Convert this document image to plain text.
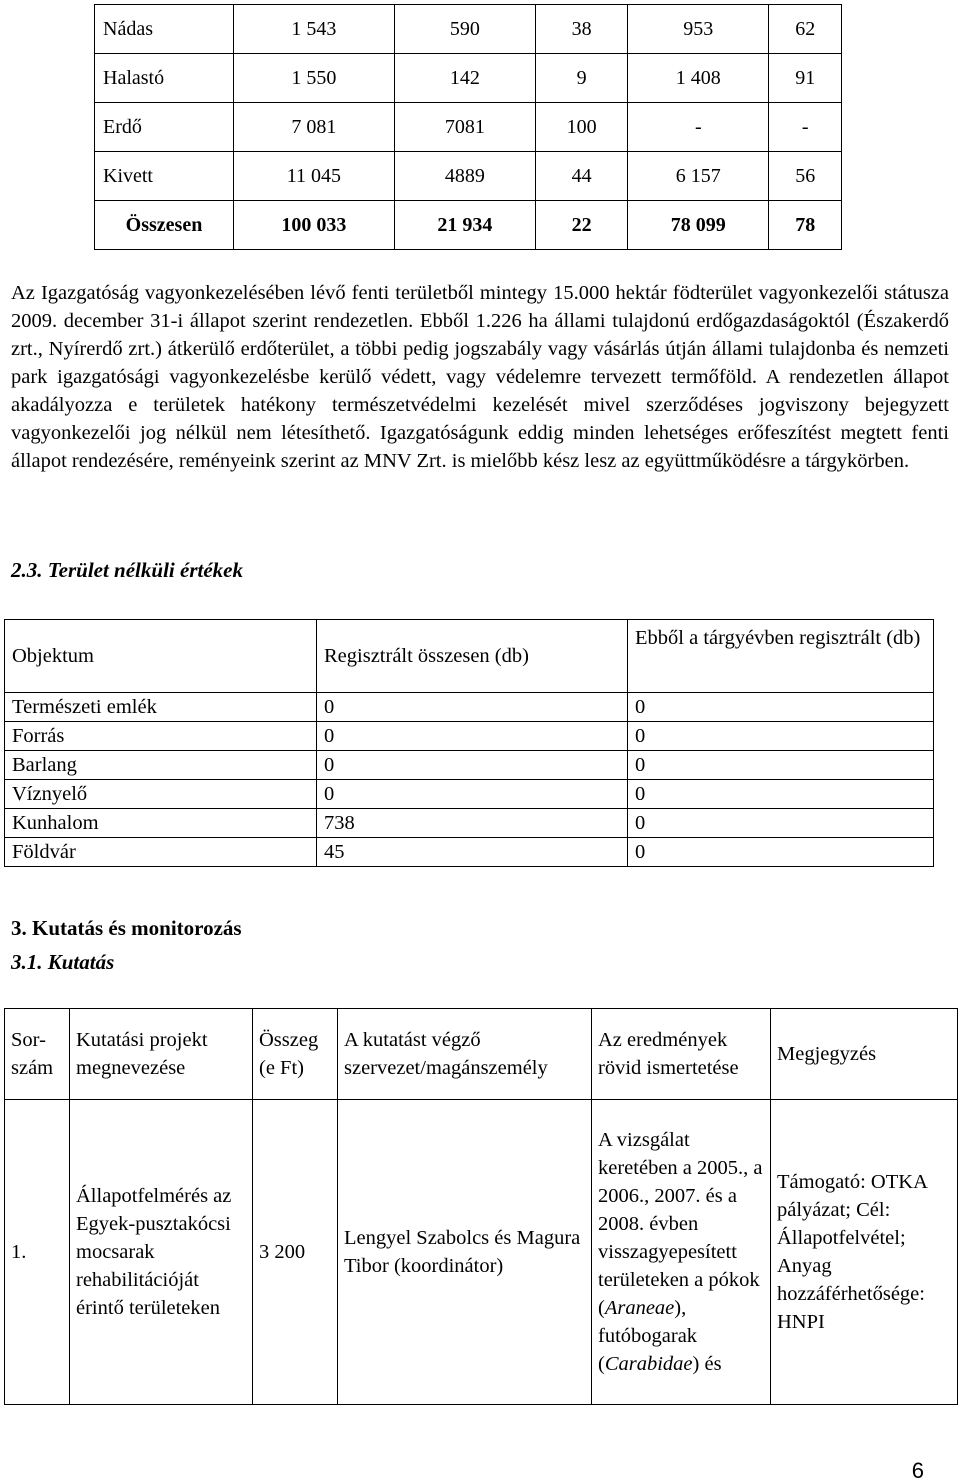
Nádas	1 543	590	38	953	62
Halastó	1 550	142	9	1 408	91
Erdő	7 081	7081	100	-	-
Kivett	11 045	4889	44	6 157	56
Összesen	100 033	21 934	22	78 099	78

Az Igazgatóság vagyonkezelésében lévő fenti területből mintegy 15.000 hektár födterület vagyonkezelői státusza 2009. december 31-i állapot szerint rendezetlen. Ebből 1.226 ha állami tulajdonú erdőgazdaságoktól (Északerdő zrt., Nyírerdő zrt.) átkerülő erdőterület, a többi pedig jogszabály vagy vásárlás útján állami tulajdonba és nemzeti park igazgatósági vagyonkezelésbe kerülő védett, vagy védelemre tervezett termőföld. A rendezetlen állapot akadályozza e területek hatékony természetvédelmi kezelését mivel szerződéses jogviszony bejegyzett vagyonkezelői jog nélkül nem létesíthető. Igazgatóságunk eddig minden lehetséges erőfeszítést megtett fenti állapot rendezésére, reményeink szerint az MNV Zrt. is mielőbb kész lesz az együttműködésre a tárgykörben.

2.3. Terület nélküli értékek
Objektum	Regisztrált összesen (db)	Ebből a tárgyévben regisztrált (db)
Természeti emlék	0	0
Forrás	0	0
Barlang	0	0
Víznyelő	0	0
Kunhalom	738	0
Földvár	45	0
3. Kutatás és monitorozás
3.1. Kutatás
Sor-szám	Kutatási projekt megnevezése	Összeg (e Ft)	A kutatást végző szervezet/magánszemély	Az eredmények rövid ismertetése	Megjegyzés
1.	Állapotfelmérés az Egyek-pusztakócsi mocsarak rehabilitációját érintő területeken	3 200	Lengyel Szabolcs és Magura Tibor (koordinátor)	A vizsgálat keretében a 2005., a 2006., 2007. és a 2008. évben visszagyepesített területeken a pókok (Araneae), futóbogarak (Carabidae) és	Támogató: OTKA pályázat; Cél: Állapotfelvétel; Anyag hozzáférhetősége: HNPI
6
